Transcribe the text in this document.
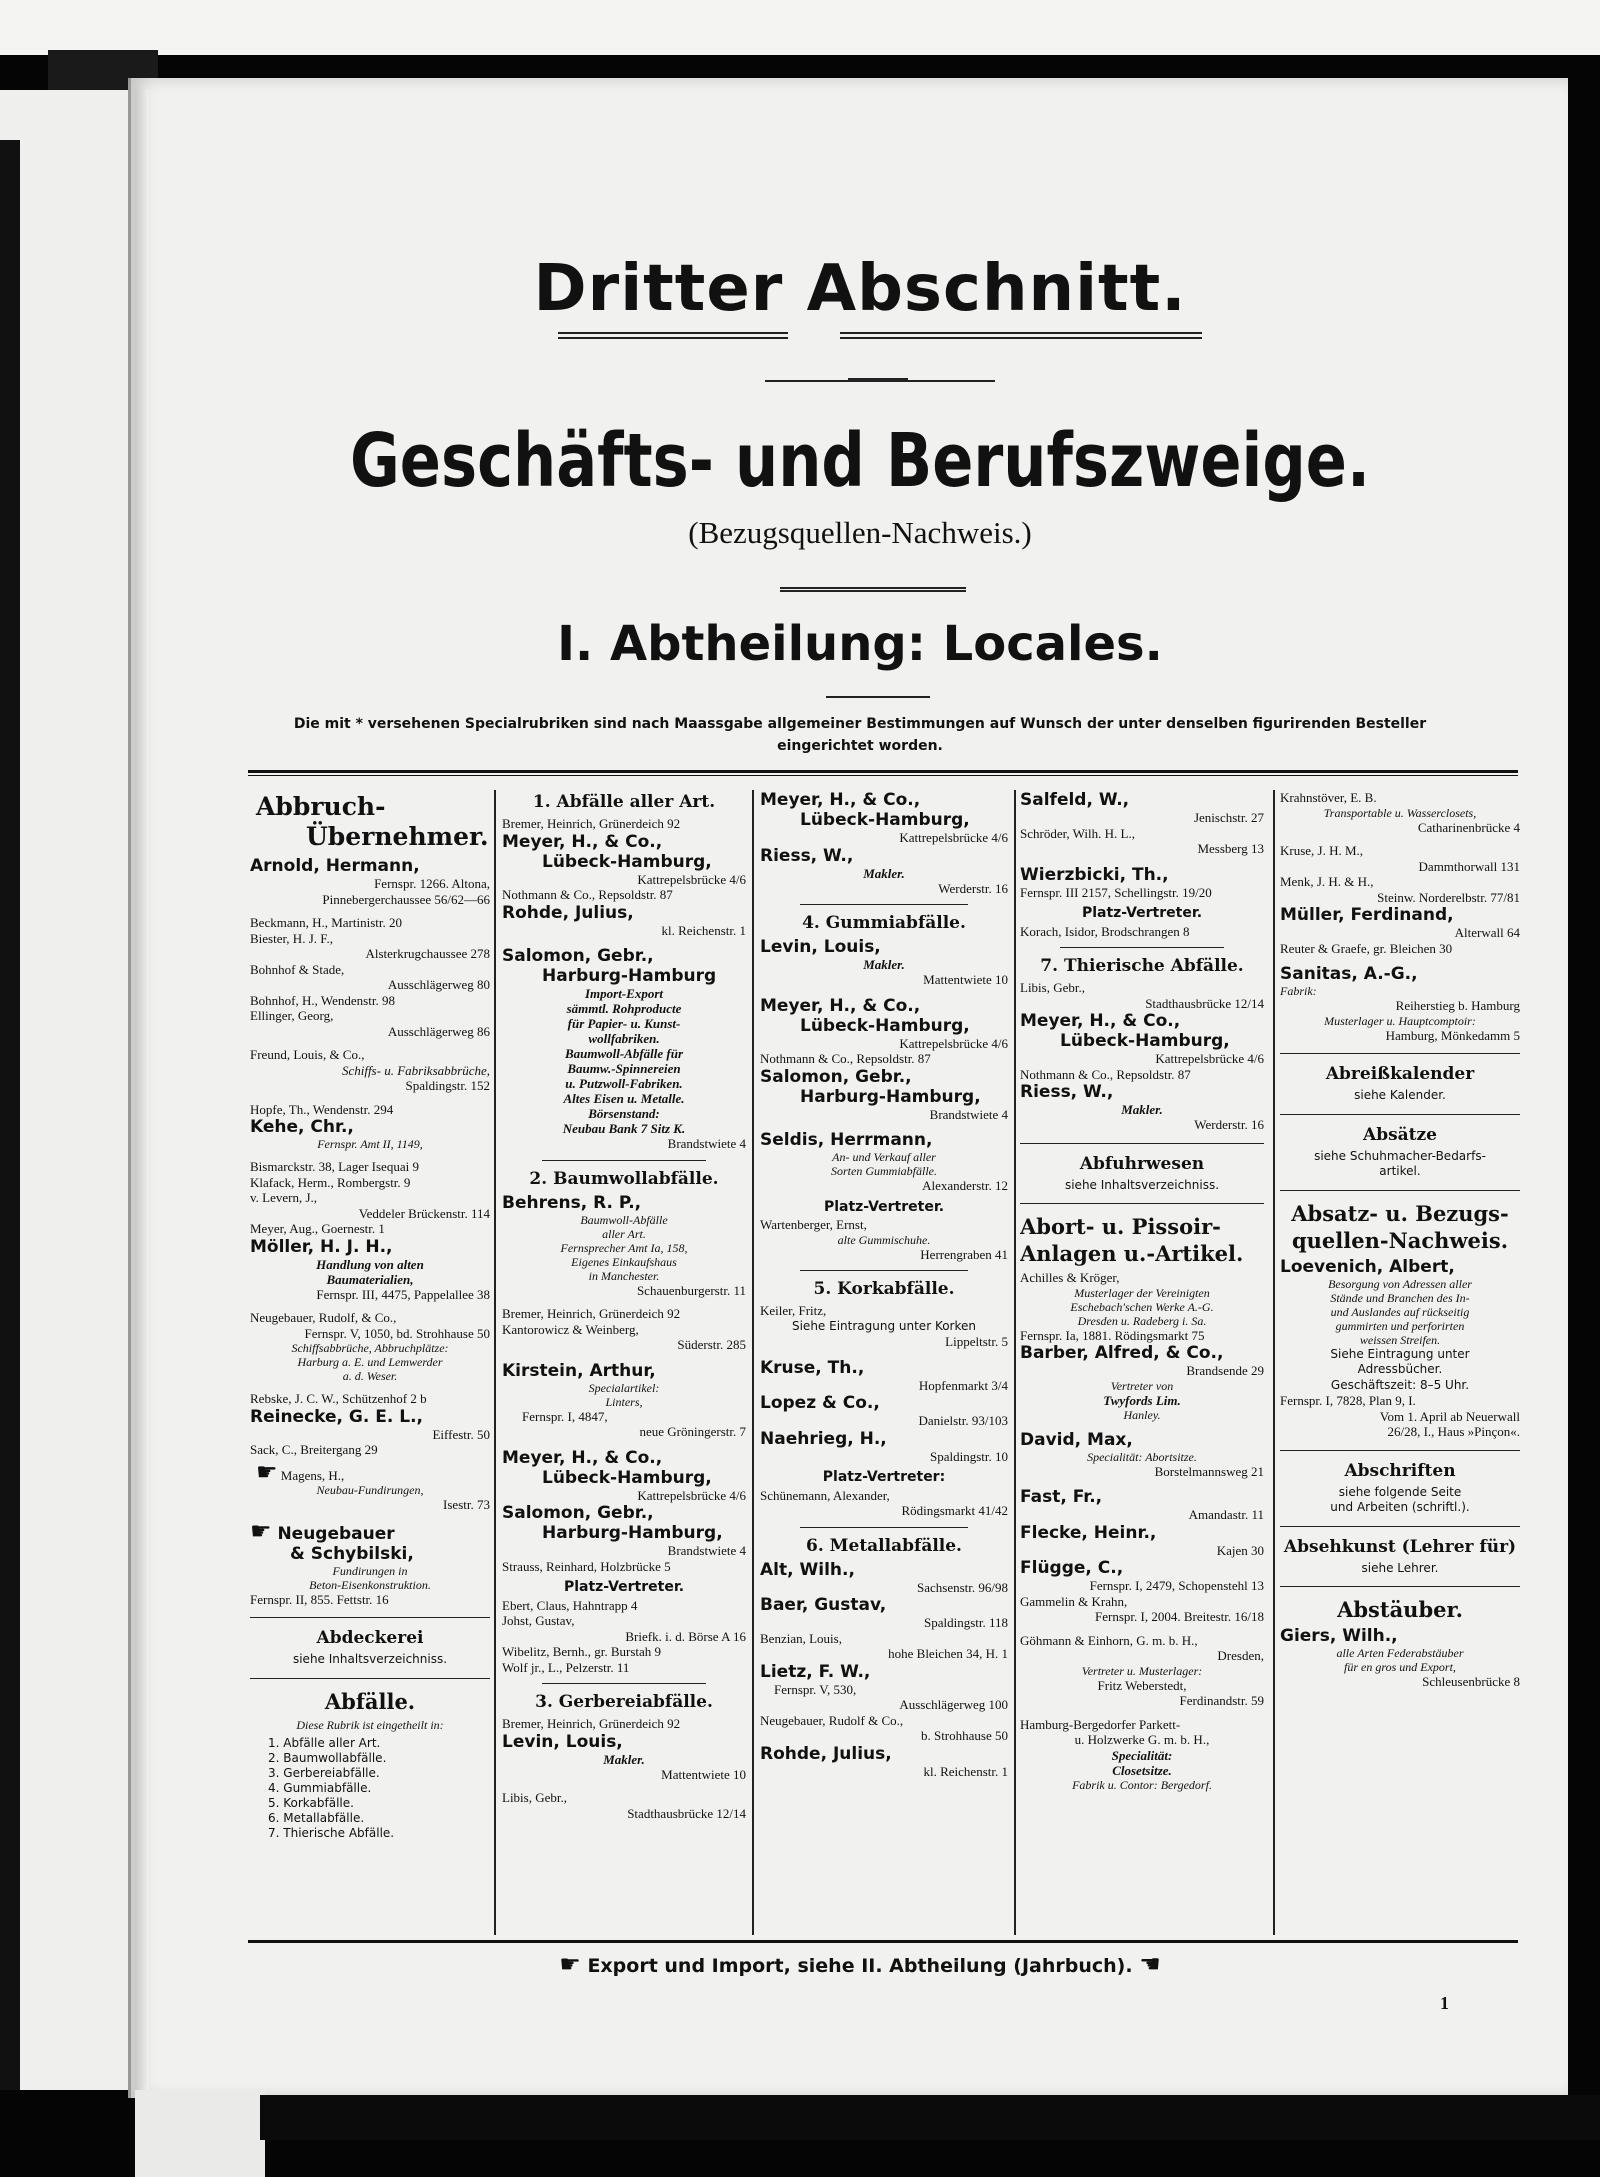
Dritter Abschnitt.
Geschäfts- und Berufszweige.
(Bezugsquellen-Nachweis.)
I. Abtheilung: Locales.
Die mit * versehenen Specialrubriken sind nach Maassgabe allgemeiner Bestimmungen auf Wunsch der unter denselben figurirenden Besteller
eingerichtet worden.
Abbruch-
Übernehmer.
Arnold, Hermann,
Fernspr. 1266. Altona,
Pinnebergerchaussee 56/62—66
Beckmann, H., Martinistr. 20
Biester, H. J. F.,
Alsterkrugchaussee 278
Bohnhof & Stade,
Ausschlägerweg 80
Bohnhof, H., Wendenstr. 98
Ellinger, Georg,
Ausschlägerweg 86
Freund, Louis, & Co.,
Schiffs- u. Fabriksabbrüche,
Spaldingstr. 152
Hopfe, Th., Wendenstr. 294
Kehe, Chr.,
Fernspr. Amt II, 1149,
Bismarckstr. 38, Lager Isequai 9
Klafack, Herm., Rombergstr. 9
v. Levern, J.,
Veddeler Brückenstr. 114
Meyer, Aug., Goernestr. 1
Möller, H. J. H.,
Handlung von alten
Baumaterialien,
Fernspr. III, 4475, Pappelallee 38
Neugebauer, Rudolf, & Co.,
Fernspr. V, 1050, bd. Strohhause 50
Schiffsabbrüche, Abbruchplätze:
Harburg a. E. und Lemwerder
a. d. Weser.
Rebske, J. C. W., Schützenhof 2 b
Reinecke, G. E. L.,
Eiffestr. 50
Sack, C., Breitergang 29
☛ Magens, H.,
Neubau-Fundirungen,
Isestr. 73
☛ Neugebauer
& Schybilski,
Fundirungen in
Beton-Eisenkonstruktion.
Fernspr. II, 855. Fettstr. 16
Abdeckerei
siehe Inhaltsverzeichniss.
Abfälle.
Diese Rubrik ist eingetheilt in:
1. Abfälle aller Art.
2. Baumwollabfälle.
3. Gerbereiabfälle.
4. Gummiabfälle.
5. Korkabfälle.
6. Metallabfälle.
7. Thierische Abfälle.
1. Abfälle aller Art.
Bremer, Heinrich, Grünerdeich 92
Meyer, H., & Co.,
Lübeck-Hamburg,
Kattrepelsbrücke 4/6
Nothmann & Co., Repsoldstr. 87
Rohde, Julius,
kl. Reichenstr. 1
Salomon, Gebr.,
Harburg-Hamburg
Import-Export
sämmtl. Rohproducte
für Papier- u. Kunst-
wollfabriken.
Baumwoll-Abfälle für
Baumw.-Spinnereien
u. Putzwoll-Fabriken.
Altes Eisen u. Metalle.
Börsenstand:
Neubau Bank 7 Sitz K.
Brandstwiete 4
2. Baumwollabfälle.
Behrens, R. P.,
Baumwoll-Abfälle
aller Art.
Fernsprecher Amt Ia, 158,
Eigenes Einkaufshaus
in Manchester.
Schauenburgerstr. 11
Bremer, Heinrich, Grünerdeich 92
Kantorowicz & Weinberg,
Süderstr. 285
Kirstein, Arthur,
Specialartikel:
Linters,
Fernspr. I, 4847,
neue Gröningerstr. 7
Meyer, H., & Co.,
Lübeck-Hamburg,
Kattrepelsbrücke 4/6
Salomon, Gebr.,
Harburg-Hamburg,
Brandstwiete 4
Strauss, Reinhard, Holzbrücke 5
Platz-Vertreter.
Ebert, Claus, Hahntrapp 4
Johst, Gustav,
Briefk. i. d. Börse A 16
Wibelitz, Bernh., gr. Burstah 9
Wolf jr., L., Pelzerstr. 11
3. Gerbereiabfälle.
Bremer, Heinrich, Grünerdeich 92
Levin, Louis,
Makler.
Mattentwiete 10
Libis, Gebr.,
Stadthausbrücke 12/14
Meyer, H., & Co.,
Lübeck-Hamburg,
Kattrepelsbrücke 4/6
Riess, W.,
Makler.
Werderstr. 16
4. Gummiabfälle.
Levin, Louis,
Makler.
Mattentwiete 10
Meyer, H., & Co.,
Lübeck-Hamburg,
Kattrepelsbrücke 4/6
Nothmann & Co., Repsoldstr. 87
Salomon, Gebr.,
Harburg-Hamburg,
Brandstwiete 4
Seldis, Herrmann,
An- und Verkauf aller
Sorten Gummiabfälle.
Alexanderstr. 12
Platz-Vertreter.
Wartenberger, Ernst,
alte Gummischuhe.
Herrengraben 41
5. Korkabfälle.
Keiler, Fritz,
Siehe Eintragung unter Korken
Lippeltstr. 5
Kruse, Th.,
Hopfenmarkt 3/4
Lopez & Co.,
Danielstr. 93/103
Naehrieg, H.,
Spaldingstr. 10
Platz-Vertreter:
Schünemann, Alexander,
Rödingsmarkt 41/42
6. Metallabfälle.
Alt, Wilh.,
Sachsenstr. 96/98
Baer, Gustav,
Spaldingstr. 118
Benzian, Louis,
hohe Bleichen 34, H. 1
Lietz, F. W.,
Fernspr. V, 530,
Ausschlägerweg 100
Neugebauer, Rudolf & Co.,
b. Strohhause 50
Rohde, Julius,
kl. Reichenstr. 1
Salfeld, W.,
Jenischstr. 27
Schröder, Wilh. H. L.,
Messberg 13
Wierzbicki, Th.,
Fernspr. III 2157, Schellingstr. 19/20
Platz-Vertreter.
Korach, Isidor, Brodschrangen 8
7. Thierische Abfälle.
Libis, Gebr.,
Stadthausbrücke 12/14
Meyer, H., & Co.,
Lübeck-Hamburg,
Kattrepelsbrücke 4/6
Nothmann & Co., Repsoldstr. 87
Riess, W.,
Makler.
Werderstr. 16
Abfuhrwesen
siehe Inhaltsverzeichniss.
Abort- u. Pissoir-
Anlagen u.-Artikel.
Achilles & Kröger,
Musterlager der Vereinigten
Eschebach'schen Werke A.-G.
Dresden u. Radeberg i. Sa.
Fernspr. Ia, 1881. Rödingsmarkt 75
Barber, Alfred, & Co.,
Brandsende 29
Vertreter von
Twyfords Lim.
Hanley.
David, Max,
Specialität: Abortsitze.
Borstelmannsweg 21
Fast, Fr.,
Amandastr. 11
Flecke, Heinr.,
Kajen 30
Flügge, C.,
Fernspr. I, 2479, Schopenstehl 13
Gammelin & Krahn,
Fernspr. I, 2004. Breitestr. 16/18
Göhmann & Einhorn, G. m. b. H.,
Dresden,
Vertreter u. Musterlager:
Fritz Weberstedt,
Ferdinandstr. 59
Hamburg-Bergedorfer Parkett-
u. Holzwerke G. m. b. H.,
Specialität:
Closetsitze.
Fabrik u. Contor: Bergedorf.
Krahnstöver, E. B.
Transportable u. Wasserclosets,
Catharinenbrücke 4
Kruse, J. H. M.,
Dammthorwall 131
Menk, J. H. & H.,
Steinw. Norderelbstr. 77/81
Müller, Ferdinand,
Alterwall 64
Reuter & Graefe, gr. Bleichen 30
Sanitas, A.-G.,
Fabrik:
Reiherstieg b. Hamburg
Musterlager u. Hauptcomptoir:
Hamburg, Mönkedamm 5
Abreißkalender
siehe Kalender.
Absätze
siehe Schuhmacher-Bedarfs-
artikel.
Absatz- u. Bezugs-
quellen-Nachweis.
Loevenich, Albert,
Besorgung von Adressen aller
Stände und Branchen des In-
und Auslandes auf rückseitig
gummirten und perforirten
weissen Streifen.
Siehe Eintragung unter
Adressbücher.
Geschäftszeit: 8–5 Uhr.
Fernspr. I, 7828, Plan 9, I.
Vom 1. April ab Neuerwall
26/28, I., Haus »Pinçon«.
Abschriften
siehe folgende Seite
und Arbeiten (schriftl.).
Absehkunst (Lehrer für)
siehe Lehrer.
Abstäuber.
Giers, Wilh.,
alle Arten Federabstäuber
für en gros und Export,
Schleusenbrücke 8
☛ Export und Import, siehe II. Abtheilung (Jahrbuch). ☚
1
